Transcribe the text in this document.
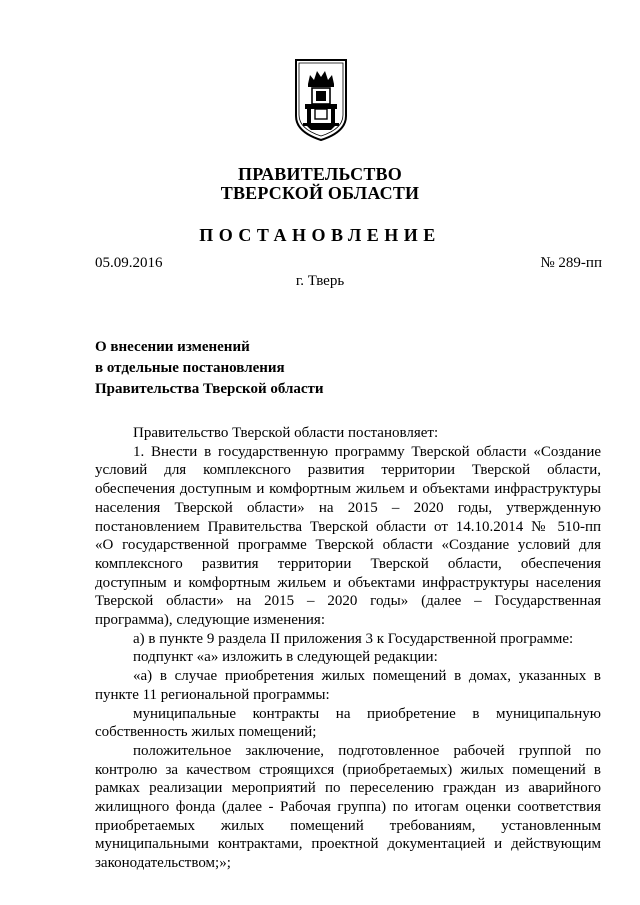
ПРАВИТЕЛЬСТВО
ТВЕРСКОЙ ОБЛАСТИ
ПОСТАНОВЛЕНИЕ
05.09.2016	№ 289-пп
г. Тверь
О внесении изменений
в отдельные постановления
Правительства Тверской области
Правительство Тверской области постановляет:
1. Внести в государственную программу Тверской области «Создание
условий для комплексного развития территории Тверской области,
обеспечения доступным и комфортным жильем и объектами инфраструктуры
населения Тверской области» на 2015 – 2020 годы, утвержденную
постановлением Правительства Тверской области от 14.10.2014 № 510-пп
«О государственной программе Тверской области «Создание условий для
комплексного развития территории Тверской области, обеспечения
доступным и комфортным жильем и объектами инфраструктуры населения
Тверской области» на 2015 – 2020 годы» (далее – Государственная
программа), следующие изменения:
а) в пункте 9 раздела II приложения 3 к Государственной программе:
подпункт «а» изложить в следующей редакции:
«а) в случае приобретения жилых помещений в домах, указанных в
пункте 11 региональной программы:
муниципальные контракты на приобретение в муниципальную
собственность жилых помещений;
положительное заключение, подготовленное рабочей группой по
контролю за качеством строящихся (приобретаемых) жилых помещений в
рамках реализации мероприятий по переселению граждан из аварийного
жилищного фонда (далее - Рабочая группа) по итогам оценки соответствия
приобретаемых жилых помещений требованиям, установленным
муниципальными контрактами, проектной документацией и действующим
законодательством;»;
